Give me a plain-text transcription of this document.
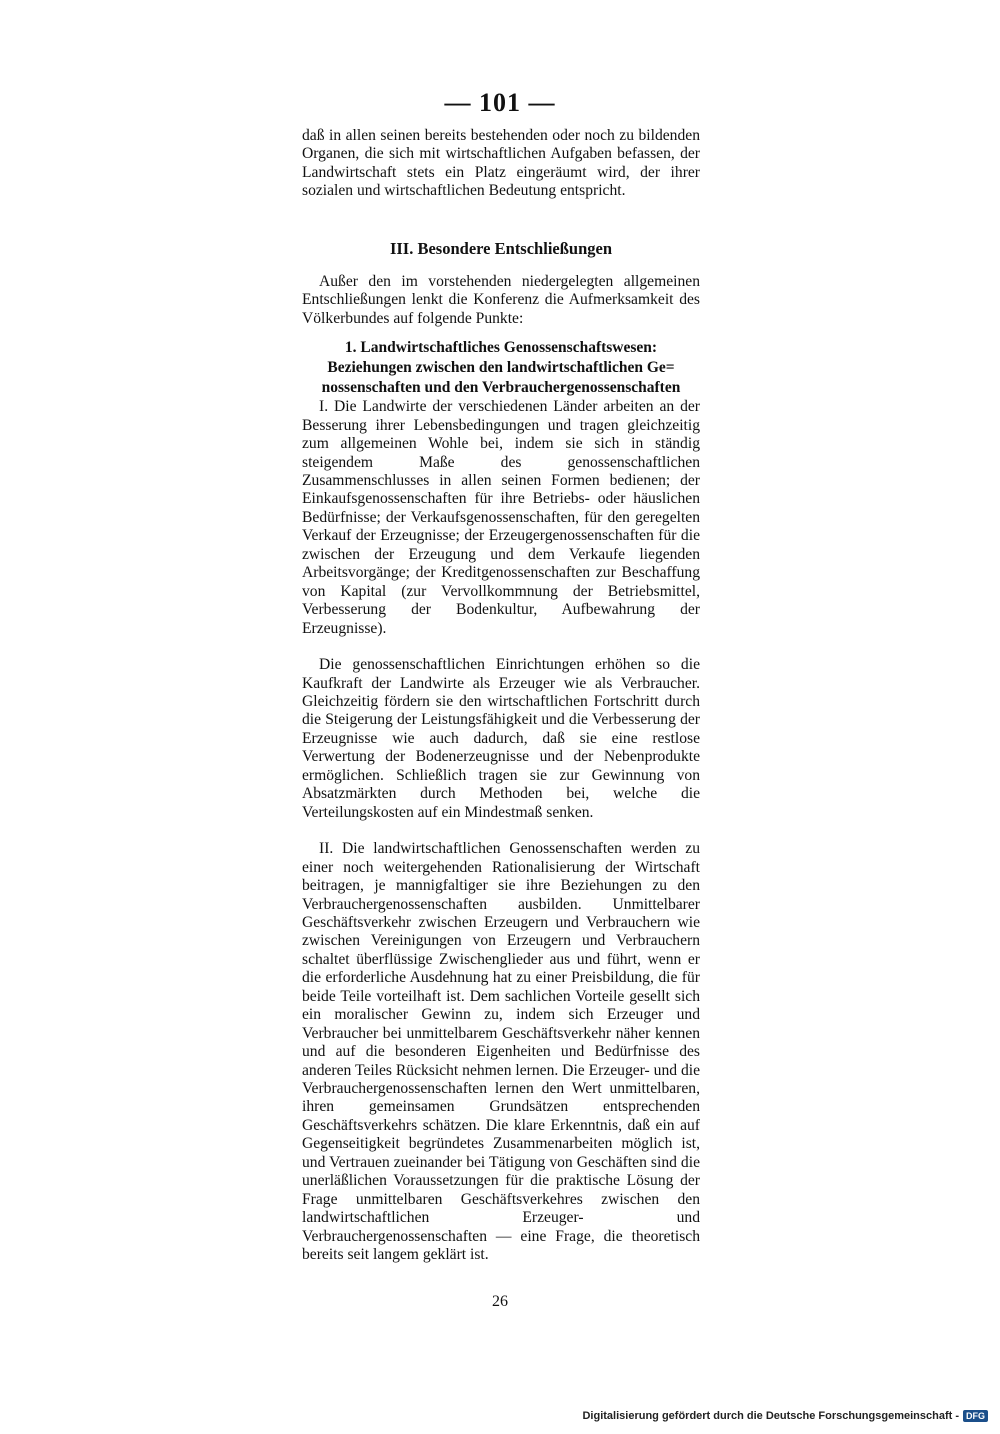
— 101 —

daß in allen seinen bereits bestehenden oder noch zu bildenden Organen, die sich mit wirtschaftlichen Aufgaben befassen, der Landwirtschaft stets ein Platz eingeräumt wird, der ihrer sozialen und wirtschaftlichen Bedeutung entspricht.

III. Besondere Entschließungen

Außer den im vorstehenden niedergelegten allgemeinen Entschließungen lenkt die Konferenz die Aufmerksamkeit des Völkerbundes auf folgende Punkte:

1. Landwirtschaftliches Genossenschaftswesen:
Beziehungen zwischen den landwirtschaftlichen Ge=
nossenschaften und den Verbrauchergenossenschaften

I. Die Landwirte der verschiedenen Länder arbeiten an der Besserung ihrer Lebensbedingungen und tragen gleichzeitig zum allgemeinen Wohle bei, indem sie sich in ständig steigendem Maße des genossenschaftlichen Zusammenschlusses in allen seinen Formen bedienen; der Einkaufsgenossenschaften für ihre Betriebs- oder häuslichen Bedürfnisse; der Verkaufsgenossenschaften, für den geregelten Verkauf der Erzeugnisse; der Erzeugergenossenschaften für die zwischen der Erzeugung und dem Verkaufe liegenden Arbeitsvorgänge; der Kreditgenossenschaften zur Beschaffung von Kapital (zur Vervollkommnung der Betriebsmittel, Verbesserung der Bodenkultur, Aufbewahrung der Erzeugnisse).

Die genossenschaftlichen Einrichtungen erhöhen so die Kaufkraft der Landwirte als Erzeuger wie als Verbraucher. Gleichzeitig fördern sie den wirtschaftlichen Fortschritt durch die Steigerung der Leistungsfähigkeit und die Verbesserung der Erzeugnisse wie auch dadurch, daß sie eine restlose Verwertung der Bodenerzeugnisse und der Nebenprodukte ermöglichen. Schließlich tragen sie zur Gewinnung von Absatzmärkten durch Methoden bei, welche die Verteilungskosten auf ein Mindestmaß senken.

II. Die landwirtschaftlichen Genossenschaften werden zu einer noch weitergehenden Rationalisierung der Wirtschaft beitragen, je mannigfaltiger sie ihre Beziehungen zu den Verbrauchergenossenschaften ausbilden. Unmittelbarer Geschäftsverkehr zwischen Erzeugern und Verbrauchern wie zwischen Vereinigungen von Erzeugern und Verbrauchern schaltet überflüssige Zwischenglieder aus und führt, wenn er die erforderliche Ausdehnung hat zu einer Preisbildung, die für beide Teile vorteilhaft ist. Dem sachlichen Vorteile gesellt sich ein moralischer Gewinn zu, indem sich Erzeuger und Verbraucher bei unmittelbarem Geschäftsverkehr näher kennen und auf die besonderen Eigenheiten und Bedürfnisse des anderen Teiles Rücksicht nehmen lernen. Die Erzeuger- und die Verbrauchergenossenschaften lernen den Wert unmittelbaren, ihren gemeinsamen Grundsätzen entsprechenden Geschäftsverkehrs schätzen. Die klare Erkenntnis, daß ein auf Gegenseitigkeit begründetes Zusammenarbeiten möglich ist, und Vertrauen zueinander bei Tätigung von Geschäften sind die unerläßlichen Voraussetzungen für die praktische Lösung der Frage unmittelbaren Geschäftsverkehres zwischen den landwirtschaftlichen Erzeuger- und Verbrauchergenossenschaften — eine Frage, die theoretisch bereits seit langem geklärt ist.

26
Digitalisierung gefördert durch die Deutsche Forschungsgemeinschaft - DFG
